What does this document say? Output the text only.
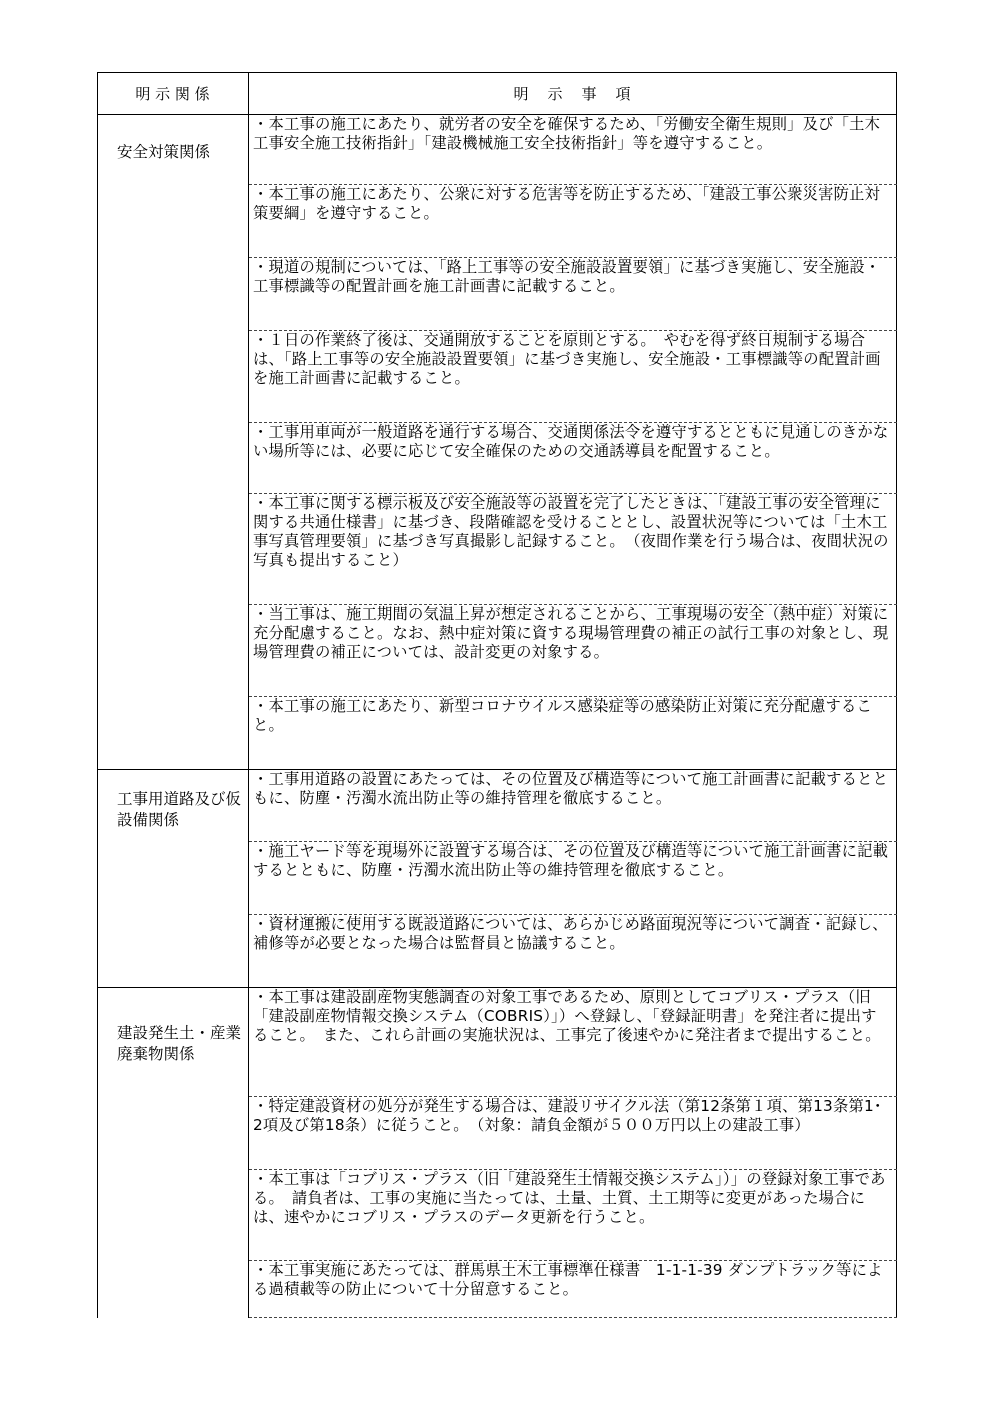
明 示 関 係	明　示　事　項
安全対策関係
・本工事の施工にあたり、就労者の安全を確保するため、「労働安全衛生規則」及び「土木工事安全施工技術指針」「建設機械施工安全技術指針」等を遵守すること。
・本工事の施工にあたり、公衆に対する危害等を防止するため、「建設工事公衆災害防止対策要綱」を遵守すること。
・現道の規制については、「路上工事等の安全施設設置要領」に基づき実施し、安全施設・工事標識等の配置計画を施工計画書に記載すること。
・１日の作業終了後は、交通開放することを原則とする。　やむを得ず終日規制する場合は、「路上工事等の安全施設設置要領」に基づき実施し、安全施設・工事標識等の配置計画を施工計画書に記載すること。
・工事用車両が一般道路を通行する場合、交通関係法令を遵守するとともに見通しのきかない場所等には、必要に応じて安全確保のための交通誘導員を配置すること。
・本工事に関する標示板及び安全施設等の設置を完了したときは、「建設工事の安全管理に関する共通仕様書」に基づき、段階確認を受けることとし、設置状況等については「土木工事写真管理要領」に基づき写真撮影し記録すること。　（夜間作業を行う場合は、夜間状況の写真も提出すること）
・当工事は、施工期間の気温上昇が想定されることから、工事現場の安全（熱中症）対策に充分配慮すること。なお、熱中症対策に資する現場管理費の補正の試行工事の対象とし、現場管理費の補正については、設計変更の対象する。
・本工事の施工にあたり、新型コロナウイルス感染症等の感染防止対策に充分配慮すること。
工事用道路及び仮設備関係
・工事用道路の設置にあたっては、その位置及び構造等について施工計画書に記載するとともに、防塵・汚濁水流出防止等の維持管理を徹底すること。
・施工ヤード等を現場外に設置する場合は、その位置及び構造等について施工計画書に記載するとともに、防塵・汚濁水流出防止等の維持管理を徹底すること。
・資材運搬に使用する既設道路については、あらかじめ路面現況等について調査・記録し、補修等が必要となった場合は監督員と協議すること。
建設発生土・産業廃棄物関係
・本工事は建設副産物実態調査の対象工事であるため、原則としてコブリス・プラス（旧「建設副産物情報交換システム（COBRIS）」）へ登録し、「登録証明書」を発注者に提出すること。　また、これら計画の実施状況は、工事完了後速やかに発注者まで提出すること。
・特定建設資材の処分が発生する場合は、建設リサイクル法（第12条第１項、第13条第1･2項及び第18条）に従うこと。　（対象：請負金額が５００万円以上の建設工事）
・本工事は「コブリス・プラス（旧「建設発生土情報交換システム」）」の登録対象工事である。　請負者は、工事の実施に当たっては、土量、土質、土工期等に変更があった場合には、速やかにコブリス・プラスのデータ更新を行うこと。
・本工事実施にあたっては、群馬県土木工事標準仕様書　1-1-1-39 ダンプトラック等による過積載等の防止について十分留意すること。
